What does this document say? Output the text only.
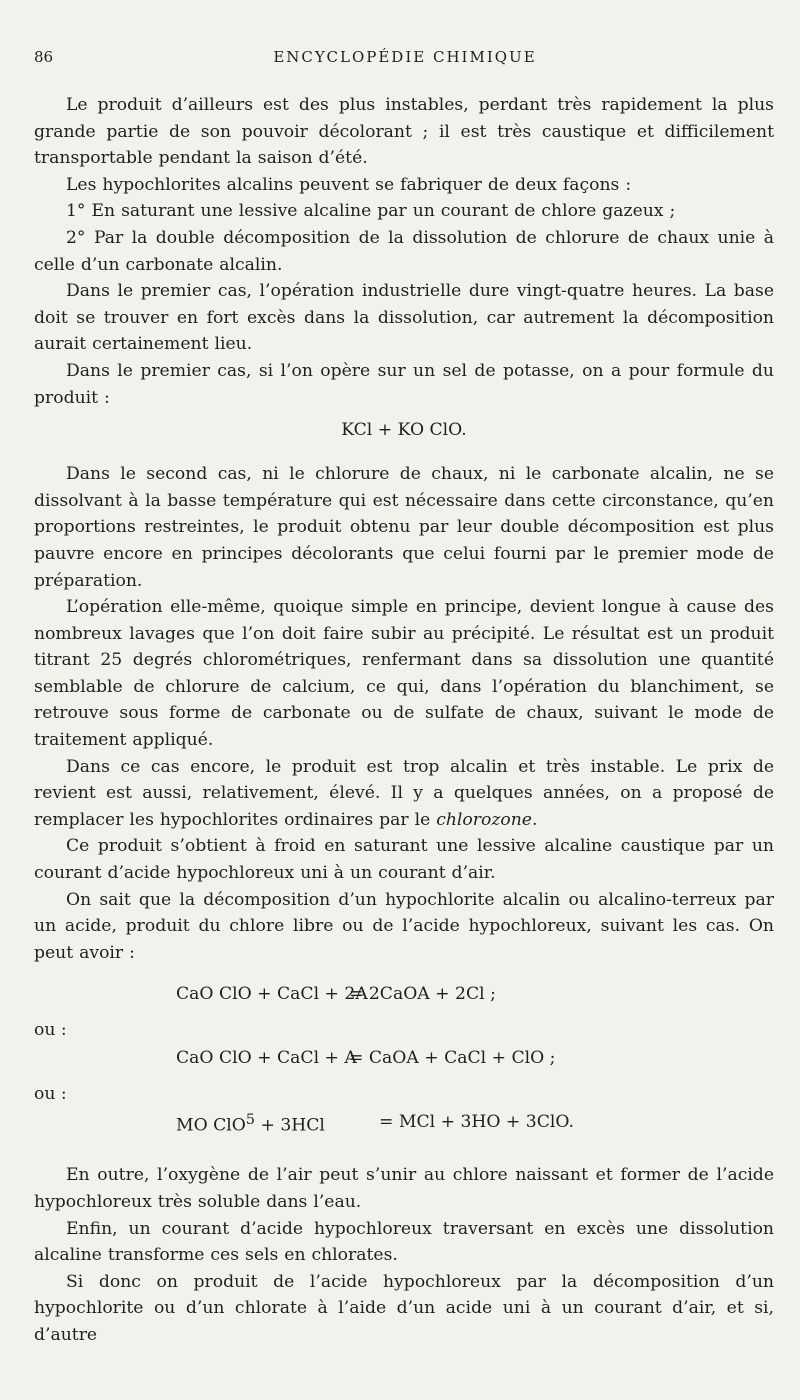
86	ENCYCLOPÉDIE CHIMIQUE

Le produit d’ailleurs est des plus instables, perdant très rapidement la plus grande partie de son pouvoir décolorant ; il est très caustique et difficilement transportable pendant la saison d’été.

Les hypochlorites alcalins peuvent se fabriquer de deux façons :

1° En saturant une lessive alcaline par un courant de chlore gazeux ;

2° Par la double décomposition de la dissolution de chlorure de chaux unie à celle d’un carbonate alcalin.

Dans le premier cas, l’opération industrielle dure vingt-quatre heures. La base doit se trouver en fort excès dans la dissolution, car autrement la décomposition aurait certainement lieu.

Dans le premier cas, si l’on opère sur un sel de potasse, on a pour formule du produit :

KCl + KO ClO.

Dans le second cas, ni le chlorure de chaux, ni le carbonate alcalin, ne se dissolvant à la basse température qui est nécessaire dans cette circonstance, qu’en proportions restreintes, le produit obtenu par leur double décomposition est plus pauvre encore en principes décolorants que celui fourni par le premier mode de préparation.

L’opération elle-même, quoique simple en principe, devient longue à cause des nombreux lavages que l’on doit faire subir au précipité. Le résultat est un produit titrant 25 degrés chlorométriques, renfermant dans sa dissolution une quantité semblable de chlorure de calcium, ce qui, dans l’opération du blanchiment, se retrouve sous forme de carbonate ou de sulfate de chaux, suivant le mode de traitement appliqué.

Dans ce cas encore, le produit est trop alcalin et très instable. Le prix de revient est aussi, relativement, élevé. Il y a quelques années, on a proposé de remplacer les hypochlorites ordinaires par le chlorozone.

Ce produit s’obtient à froid en saturant une lessive alcaline caustique par un courant d’acide hypochloreux uni à un courant d’air.

On sait que la décomposition d’un hypochlorite alcalin ou alcalino-terreux par un acide, produit du chlore libre ou de l’acide hypochloreux, suivant les cas. On peut avoir :

CaO ClO + CaCl + 2A
= 2CaOA + 2Cl ;
ou :
CaO ClO + CaCl + A
= CaOA + CaCl + ClO ;
ou :
MO ClO$^5$ + 3HCl	= MCl + 3HO + 3ClO.

En outre, l’oxygène de l’air peut s’unir au chlore naissant et former de l’acide hypochloreux très soluble dans l’eau.

Enfin, un courant d’acide hypochloreux traversant en excès une dissolution alcaline transforme ces sels en chlorates.

Si donc on produit de l’acide hypochloreux par la décomposition d’un hypochlorite ou d’un chlorate à l’aide d’un acide uni à un courant d’air, et si, d’autre
